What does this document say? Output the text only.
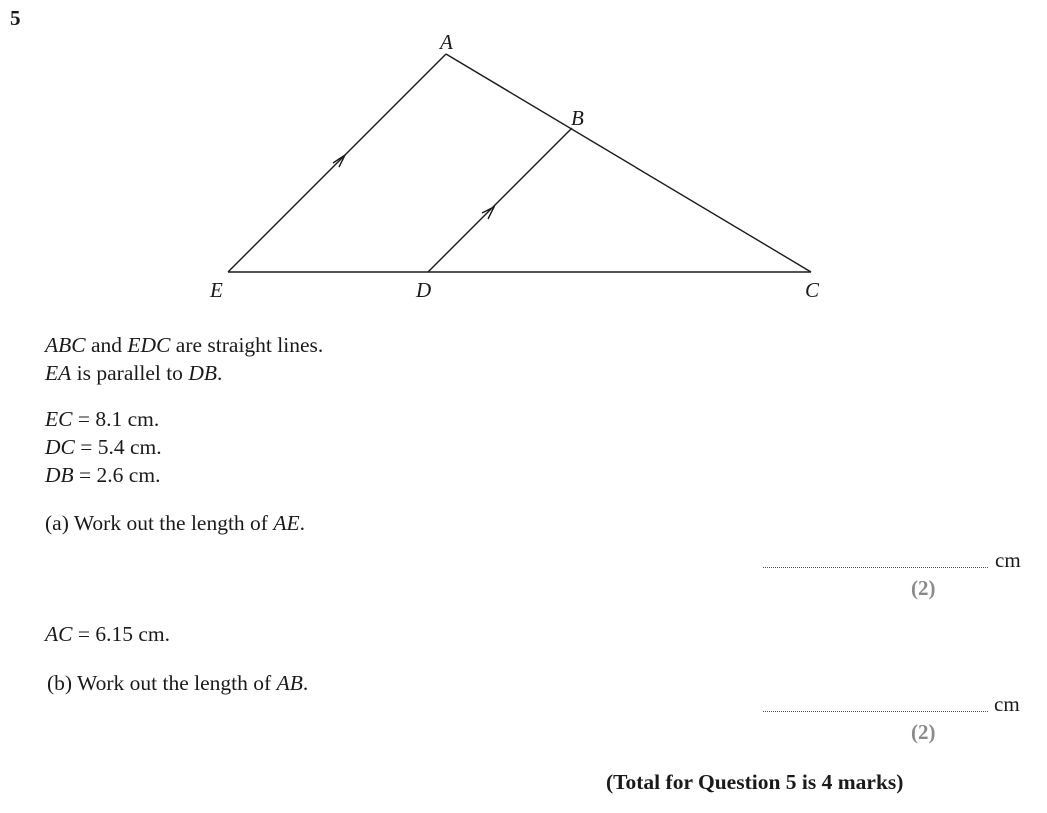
5
A
B
C
D
E
ABC and EDC are straight lines.
EA is parallel to DB.
EC = 8.1 cm.
DC = 5.4 cm.
DB = 2.6 cm.
(a) Work out the length of AE.
cm
(2)
AC = 6.15 cm.
(b) Work out the length of AB.
cm
(2)
(Total for Question 5 is 4 marks)
